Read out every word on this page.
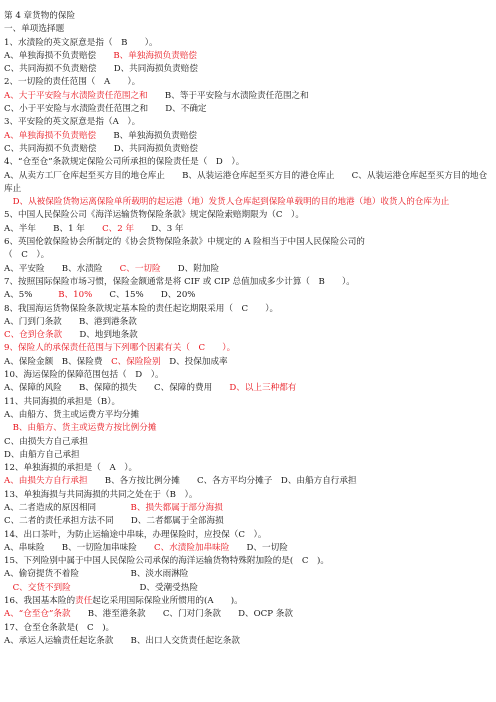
第 4 章货物的保险
一、单项选择题
1、水渍险的英文原意是指（　B　　）。
A、单独海损不负责赔偿　　B、单独海损负责赔偿
C、共同海损不负责赔偿　　D、共同海损负责赔偿
2、一切险的责任范围（　A　　）。
A、大于平安险与水渍险责任范围之和　　B、等于平安险与水渍险责任范围之和
C、小于平安险与水渍险责任范围之和　　D、不确定
3、平安险的英文原意是指（A　）。
A、单独海损不负责赔偿　　B、单独海损负责赔偿
C、共同海损不负责赔偿　　D、共同海损负责赔偿
4、“仓至仓”条款规定保险公司所承担的保险责任是（　D　）。
A、从卖方工厂仓库起至买方目的地仓库止　　B、从装运港仓库起至买方目的港仓库止　　C、从装运港仓库起至买方目的地仓库止
　D、从被保险货物运离保险单所载明的起运港（地）发货人仓库起到保险单载明的目的地港（地）收货人的仓库为止
5、中国人民保险公司《海洋运输货物保险条款》规定保险索赔期限为（C　）。
A、半年　　B、1 年　　C、2 年　　D、3 年
6、英国伦敦保险协会所制定的《协会货物保险条款》中规定的 A 险相当于中国人民保险公司的
（　C　）。
A、平安险　　B、水渍险　　C、一切险　　D、附加险
7、按照国际保险市场习惯，保险金额通常是将 CIF 或 CIP 总值加成多少计算（　B　　）。
A、5%　　　B、10%　　C、15%　　D、20%
8、我国海运货物保险条款规定基本险的责任起讫期限采用（　C　　）。
A、门到门条款　　B、港到港条款
C、仓到仓条款　　D、地到地条款
9、保险人的承保责任范围与下列哪个因素有关（　C　　）。
A、保险金额　B、保险费　C、保险险别　D、投保加成率
10、海运保险的保障范围包括（　D　）。
A、保障的风险　　B、保障的损失　　C、保障的费用　　D、以上三种都有
11、共同海损的承担是（B）。
A、由船方、货主或运费方平均分摊
　B、由船方、货主或运费方按比例分摊
C、由损失方自己承担
D、由船方自己承担
12、单独海损的承担是（　A　）。
A、由损失方自行承担　　B、各方按比例分摊　　C、各方平均分摊子　D、由船方自行承担
13、单独海损与共同海损的共同之处在于（B　）。
A、二者造成的原因相同　　　　B、损失都属于部分海损
C、二者的责任承担方法不同　　D、二者都属于全部海损
14、出口茶叶，为防止运输途中串味，办理保险时，应投保（C　）。
A、串味险　　B、一切险加串味险　　C、水渍险加串味险　　D、一切险
15、下列险别中属于中国人民保险公司承保的海洋运输货物特殊附加险的是(　C　)。
A、偷窃提货不着险　　　　　　B、淡水雨淋险
　C、交货不到险　　　　　　　　D、受潮受热险
16、我国基本险的责任起讫采用国际保险业所惯用的(A　　)。
A、“仓至仓”条款　　B、港至港条款　　C、门对门条款　　D、OCP 条款
17、仓至仓条款是(　C　)。
A、承运人运输责任起讫条款　　B、出口人交货责任起讫条款
